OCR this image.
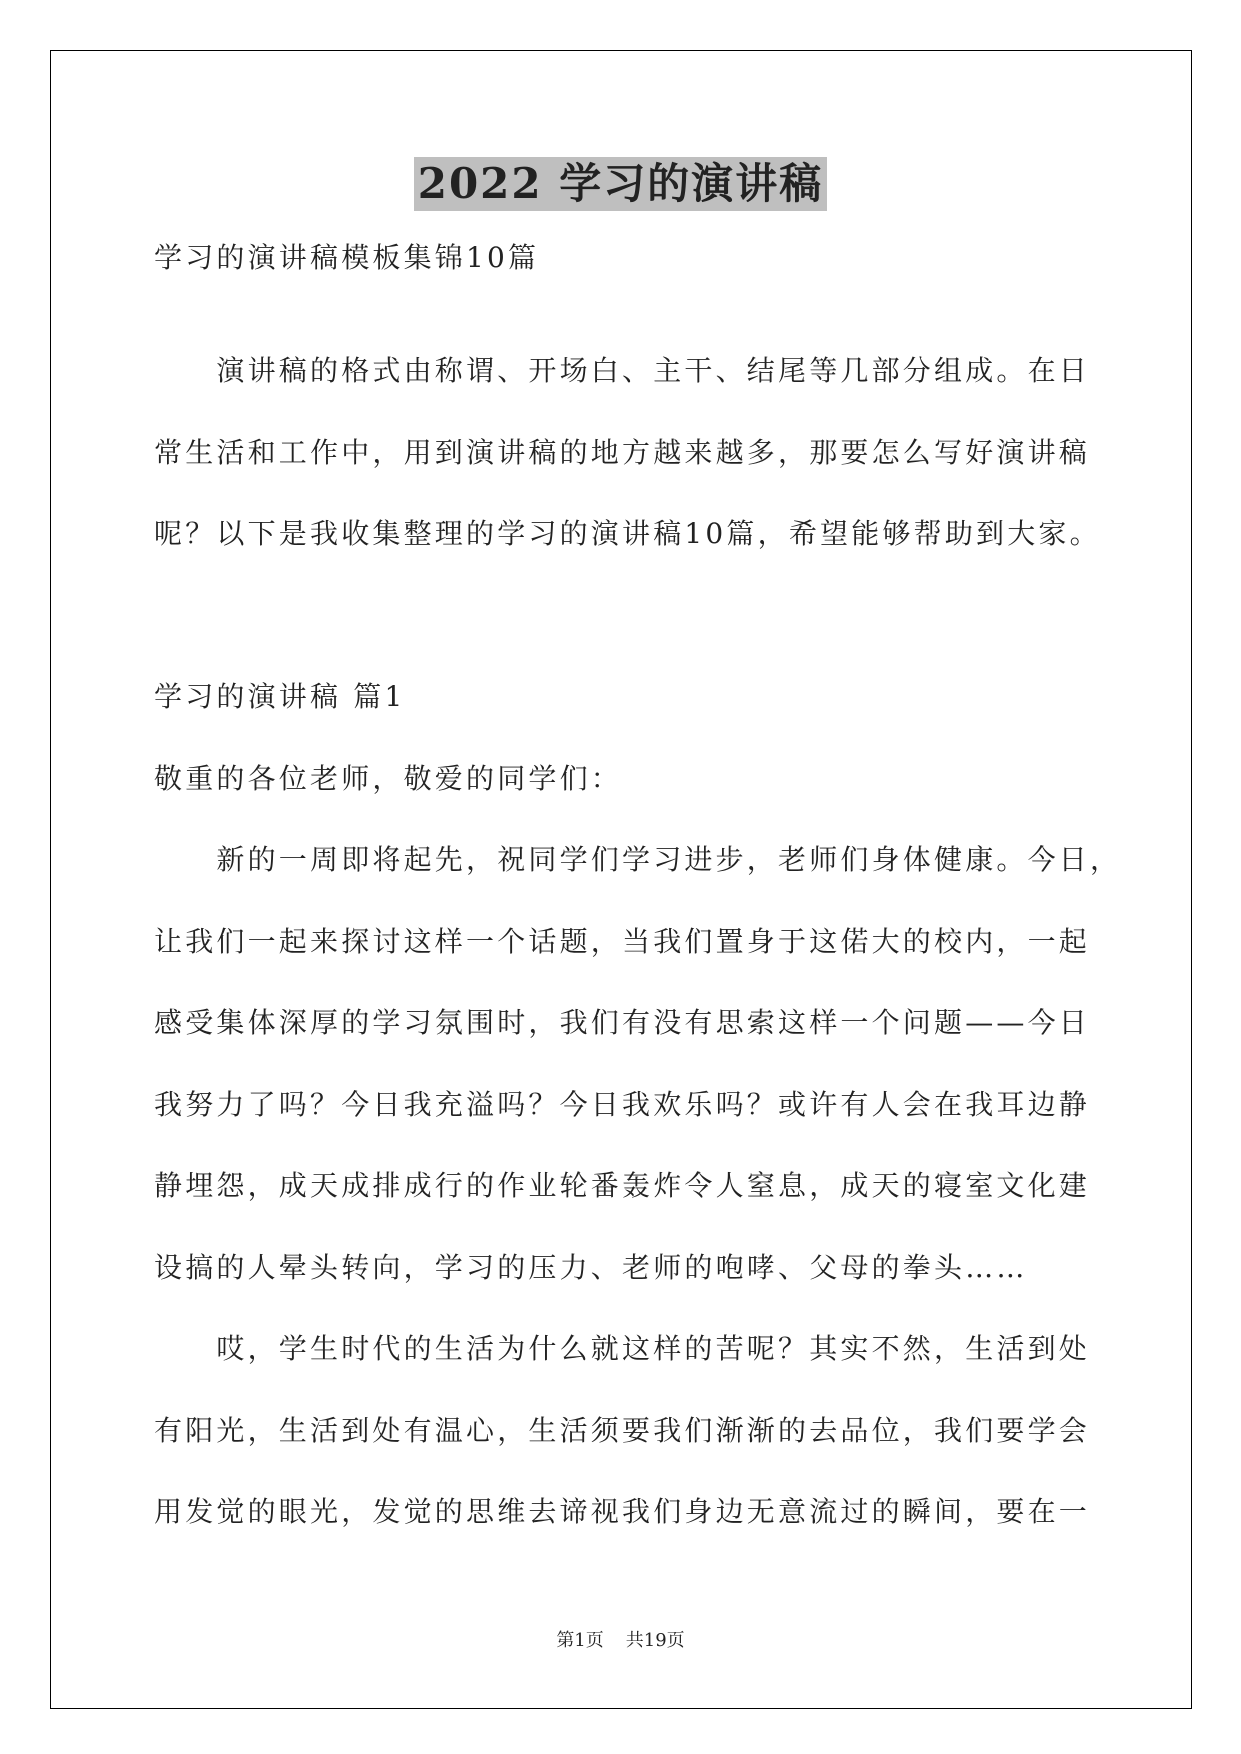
2022 学习的演讲稿
学习的演讲稿模板集锦10篇
演讲稿的格式由称谓、开场白、主干、结尾等几部分组成。在日
常生活和工作中，用到演讲稿的地方越来越多，那要怎么写好演讲稿
呢？以下是我收集整理的学习的演讲稿10篇，希望能够帮助到大家。
学习的演讲稿 篇1
敬重的各位老师，敬爱的同学们：
新的一周即将起先，祝同学们学习进步，老师们身体健康。今日，
让我们一起来探讨这样一个话题，当我们置身于这偌大的校内，一起
感受集体深厚的学习氛围时，我们有没有思索这样一个问题——今日
我努力了吗？今日我充溢吗？今日我欢乐吗？或许有人会在我耳边静
静埋怨，成天成排成行的作业轮番轰炸令人窒息，成天的寝室文化建
设搞的人晕头转向，学习的压力、老师的咆哮、父母的拳头……
哎，学生时代的生活为什么就这样的苦呢？其实不然，生活到处
有阳光，生活到处有温心，生活须要我们渐渐的去品位，我们要学会
用发觉的眼光，发觉的思维去谛视我们身边无意流过的瞬间，要在一
第1页 共19页
